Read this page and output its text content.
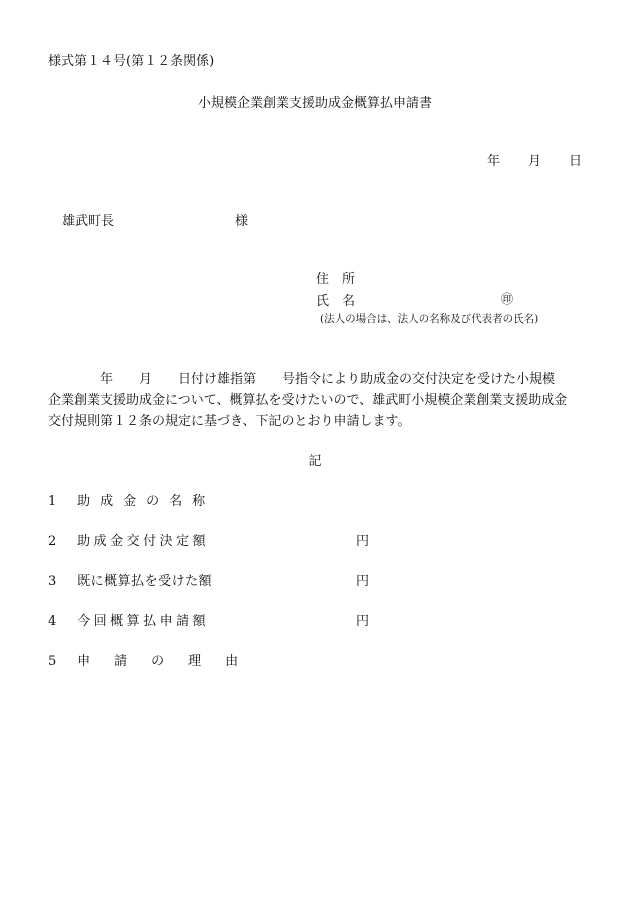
様式第１４号(第１２条関係)
小規模企業創業支援助成金概算払申請書
年 月 日
雄武町長	様
住　所
氏　名	㊞
(法人の場合は、法人の名称及び代表者の氏名)
　　　　年　　月　　日付け雄指第　　号指令により助成金の交付決定を受けた小規模
企業創業支援助成金について、概算払を受けたいので、雄武町小規模企業創業支援助成金
交付規則第１２条の規定に基づき、下記のとおり申請します。
記
1 助成金の名称
2 助成金交付決定額	円
3 既に概算払を受けた額	円
4 今回概算払申請額	円
5 申請の理由
